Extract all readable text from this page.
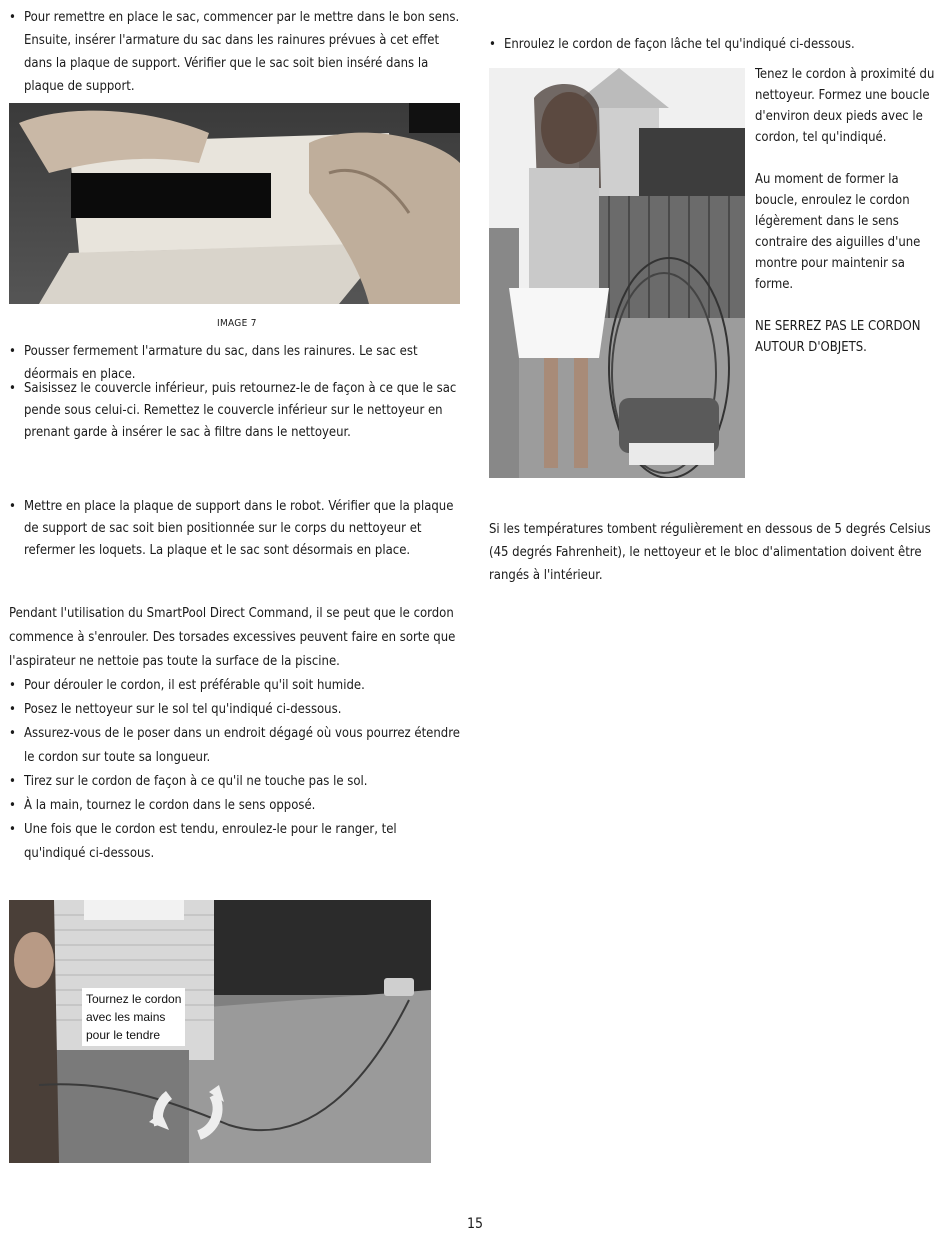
• Pour remettre en place le sac, commencer par le mettre dans le bon sens. Ensuite, insérer l'armature du sac dans les rainures prévues à cet effet dans la plaque de support. Vérifier que le sac soit bien inséré dans la plaque de support.

IMAGE 7

• Pousser fermement l'armature du sac, dans les rainures. Le sac est déormais en place.

• Saisissez le couvercle inférieur, puis retournez-le de façon à ce que le sac pende sous celui-ci. Remettez le couvercle inférieur sur le nettoyeur en prenant garde à insérer le sac à filtre dans le nettoyeur.

• Mettre en place la plaque de support dans le robot. Vérifier que la plaque de support de sac soit bien positionnée sur le corps du nettoyeur et refermer les loquets. La plaque et le sac sont désormais en place.

Pendant l'utilisation du SmartPool Direct Command, il se peut que le cordon commence à s'enrouler. Des torsades excessives peuvent faire en sorte que l'aspirateur ne nettoie pas toute la surface de la piscine.

• Pour dérouler le cordon, il est préférable qu'il soit humide.

• Posez le nettoyeur sur le sol tel qu'indiqué ci-dessous.

• Assurez-vous de le poser dans un endroit dégagé où vous pourrez étendre le cordon sur toute sa longueur.

• Tirez sur le cordon de façon à ce qu'il ne touche pas le sol.

• À la main, tournez le cordon dans le sens opposé.

• Une fois que le cordon est tendu, enroulez-le pour le ranger, tel qu'indiqué ci-dessous.

Tournez le cordon avec les mains pour le tendre

• Enroulez le cordon de façon lâche tel qu'indiqué ci-dessous.

Tenez le cordon à proximité du nettoyeur. Formez une boucle d'environ deux pieds avec le cordon, tel qu'indiqué.

Au moment de former la boucle, enroulez le cordon légèrement dans le sens contraire des aiguilles d'une montre pour maintenir sa forme.

NE SERREZ PAS LE CORDON AUTOUR D'OBJETS.

Si les températures tombent régulièrement en dessous de 5 degrés Celsius (45 degrés Fahrenheit), le nettoyeur et le bloc d'alimentation doivent être rangés à l'intérieur.

15
